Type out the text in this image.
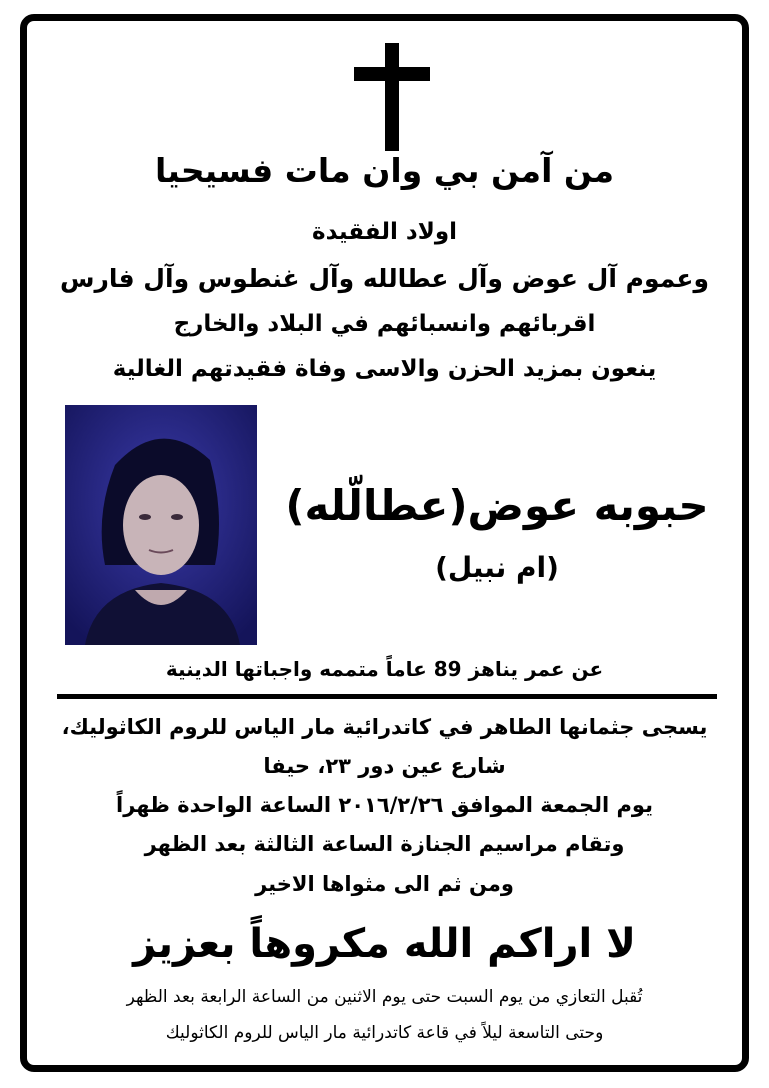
من آمن بي وان مات فسيحيا
اولاد الفقيدة
وعموم آل عوض وآل عطالله وآل غنطوس وآل فارس
اقربائهم وانسبائهم في البلاد والخارج
ينعون بمزيد الحزن والاسى وفاة فقيدتهم الغالية
حبوبه عوض(عطالّله)
(ام نبيل)
عن عمر يناهز 89 عاماً متممه واجباتها الدينية
يسجى جثمانها الطاهر في كاتدرائية مار الياس للروم الكاثوليك،
شارع عين دور ٢٣، حيفا
يوم الجمعة الموافق ٢٠١٦/٢/٢٦ الساعة الواحدة ظهراً
وتقام مراسيم الجنازة الساعة الثالثة بعد الظهر
ومن ثم الى مثواها الاخير
لا اراكم الله مكروهاً بعزيز
تُقبل التعازي من يوم السبت حتى يوم الاثنين من الساعة الرابعة بعد الظهر
وحتى التاسعة ليلاً في قاعة كاتدرائية مار الياس للروم الكاثوليك
